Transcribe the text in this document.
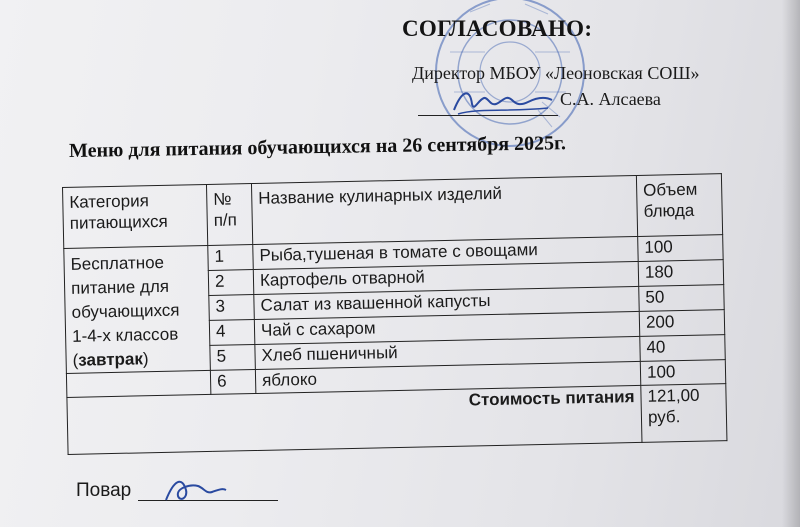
СОГЛАСОВАНО:
Директор МБОУ «Леоновская СОШ»
С.А. Алсаева
Меню для питания обучающихся на 26 сентября 2025г.
Категория питающихся	№ п/п	Название кулинарных изделий	Объем блюда

Бесплатное
питание для
обучающихся
1-4-х классов
(завтрак)	1	Рыба,тушеная в томате с овощами	100
	2	Картофель отварной	180
	3	Салат из квашенной капусты	50
	4	Чай с сахаром	200
	5	Хлеб пшеничный	40
	6	яблоко	100
Стоимость питания			121,00 руб.
Повар
